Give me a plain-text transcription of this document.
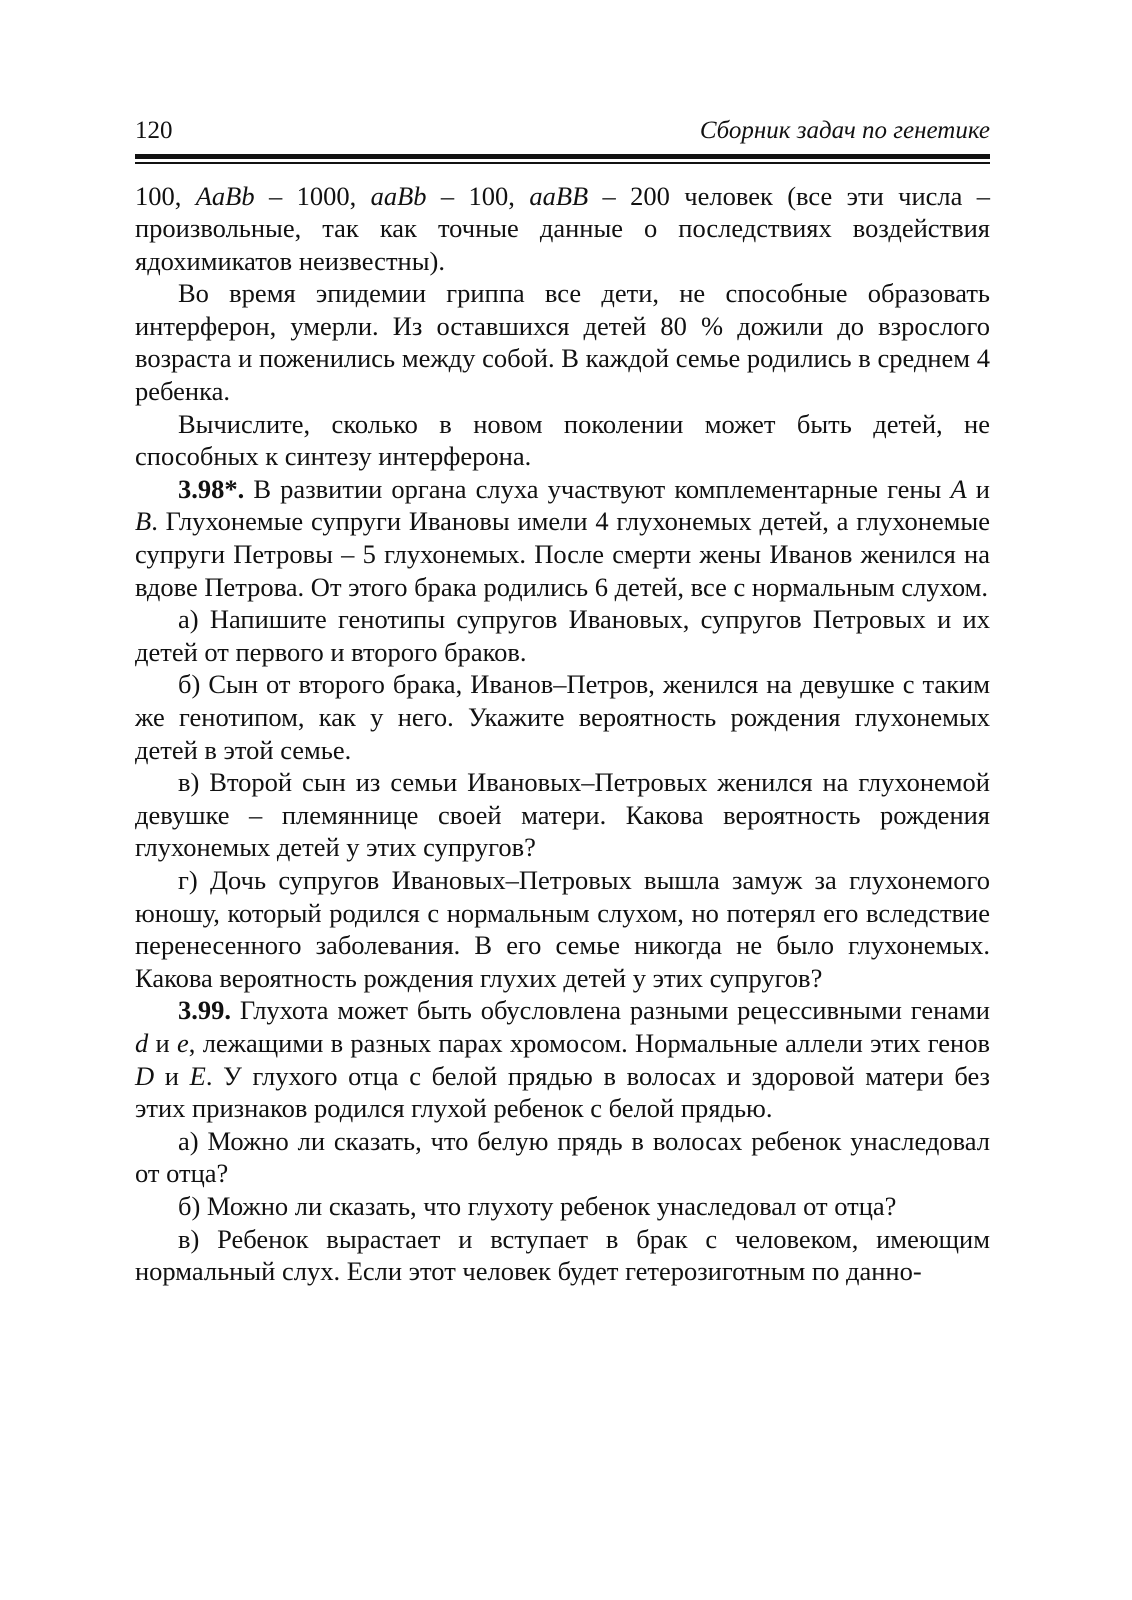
120	Сборник задач по генетике

100, AaBb – 1000, aaBb – 100, aaBB – 200 человек (все эти числа – произвольные, так как точные данные о последствиях воздействия ядохимикатов неизвестны).

Во время эпидемии гриппа все дети, не способные образовать интерферон, умерли. Из оставшихся детей 80 % дожили до взрослого возраста и поженились между собой. В каждой семье родились в среднем 4 ребенка.

Вычислите, сколько в новом поколении может быть детей, не способных к синтезу интерферона.

3.98*. В развитии органа слуха участвуют комплементарные гены A и B. Глухонемые супруги Ивановы имели 4 глухонемых детей, а глухонемые супруги Петровы – 5 глухонемых. После смерти жены Иванов женился на вдове Петрова. От этого брака родились 6 детей, все с нормальным слухом.

а) Напишите генотипы супругов Ивановых, супругов Петровых и их детей от первого и второго браков.

б) Сын от второго брака, Иванов–Петров, женился на девушке с таким же генотипом, как у него. Укажите вероятность рождения глухонемых детей в этой семье.

в) Второй сын из семьи Ивановых–Петровых женился на глухонемой девушке – племяннице своей матери. Какова вероятность рождения глухонемых детей у этих супругов?

г) Дочь супругов Ивановых–Петровых вышла замуж за глухонемого юношу, который родился с нормальным слухом, но потерял его вследствие перенесенного заболевания. В его семье никогда не было глухонемых. Какова вероятность рождения глухих детей у этих супругов?

3.99. Глухота может быть обусловлена разными рецессивными генами d и e, лежащими в разных парах хромосом. Нормальные аллели этих генов D и E. У глухого отца с белой прядью в волосах и здоровой матери без этих признаков родился глухой ребенок с белой прядью.

а) Можно ли сказать, что белую прядь в волосах ребенок унаследовал от отца?

б) Можно ли сказать, что глухоту ребенок унаследовал от отца?

в) Ребенок вырастает и вступает в брак с человеком, имеющим нормальный слух. Если этот человек будет гетерозиготным по данно-
